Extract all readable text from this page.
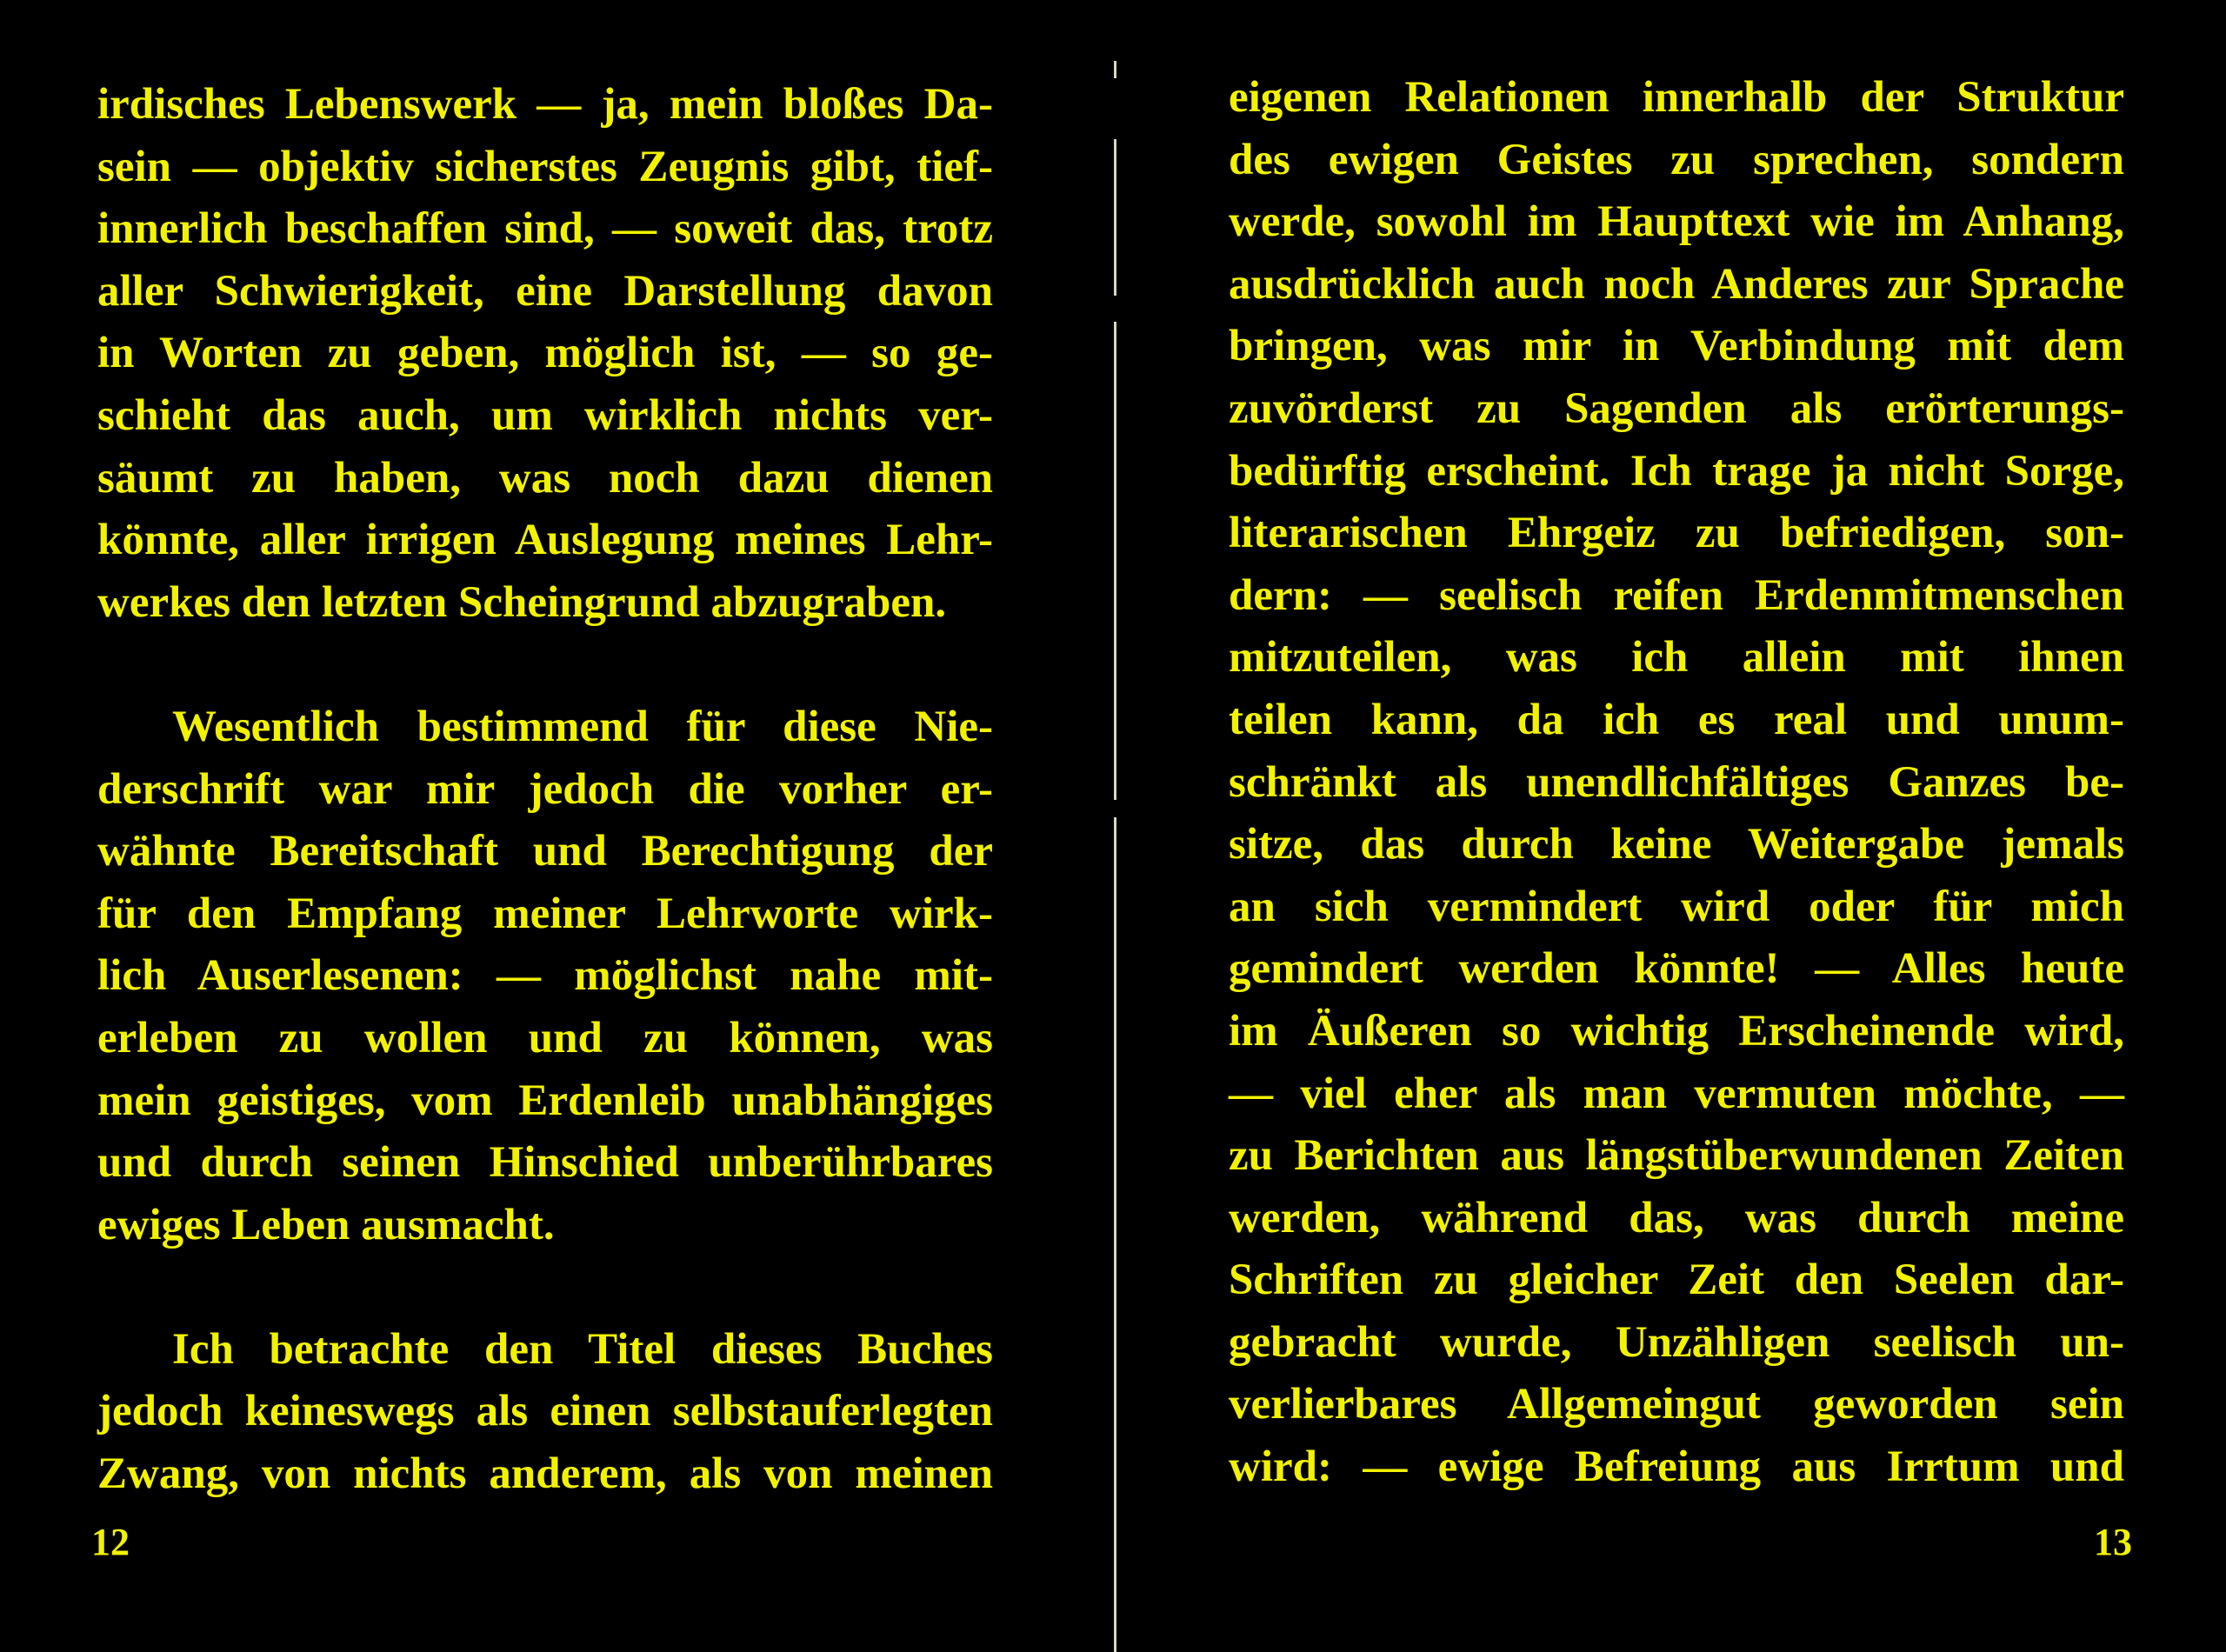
irdisches Lebenswerk — ja, mein bloßes Da-
sein — objektiv sicherstes Zeugnis gibt, tief-
innerlich beschaffen sind, — soweit das, trotz
aller Schwierigkeit, eine Darstellung davon
in Worten zu geben, möglich ist, — so ge-
schieht das auch, um wirklich nichts ver-
säumt zu haben, was noch dazu dienen
könnte, aller irrigen Auslegung meines Lehr-
werkes den letzten Scheingrund abzugraben.
Wesentlich bestimmend für diese Nie-
derschrift war mir jedoch die vorher er-
wähnte Bereitschaft und Berechtigung der
für den Empfang meiner Lehrworte wirk-
lich Auserlesenen: — möglichst nahe mit-
erleben zu wollen und zu können, was
mein geistiges, vom Erdenleib unabhängiges
und durch seinen Hinschied unberührbares
ewiges Leben ausmacht.
Ich betrachte den Titel dieses Buches
jedoch keineswegs als einen selbstauferlegten
Zwang, von nichts anderem, als von meinen
12
eigenen Relationen innerhalb der Struktur
des ewigen Geistes zu sprechen, sondern
werde, sowohl im Haupttext wie im Anhang,
ausdrücklich auch noch Anderes zur Sprache
bringen, was mir in Verbindung mit dem
zuvörderst zu Sagenden als erörterungs-
bedürftig erscheint. Ich trage ja nicht Sorge,
literarischen Ehrgeiz zu befriedigen, son-
dern: — seelisch reifen Erdenmitmenschen
mitzuteilen, was ich allein mit ihnen
teilen kann, da ich es real und unum-
schränkt als unendlichfältiges Ganzes be-
sitze, das durch keine Weitergabe jemals
an sich vermindert wird oder für mich
gemindert werden könnte! — Alles heute
im Äußeren so wichtig Erscheinende wird,
— viel eher als man vermuten möchte, —
zu Berichten aus längstüberwundenen Zeiten
werden, während das, was durch meine
Schriften zu gleicher Zeit den Seelen dar-
gebracht wurde, Unzähligen seelisch un-
verlierbares Allgemeingut geworden sein
wird: — ewige Befreiung aus Irrtum und
13
